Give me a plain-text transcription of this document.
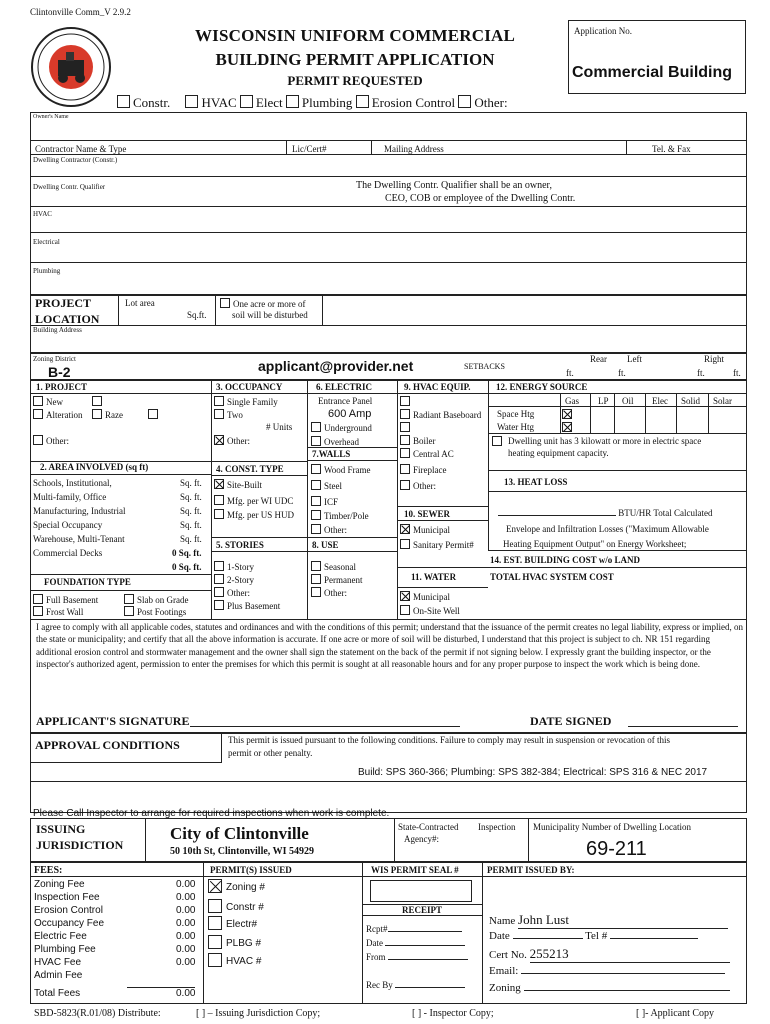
Clintonville Comm_V 2.9.2
WISCONSIN UNIFORM COMMERCIAL
BUILDING PERMIT APPLICATION
PERMIT REQUESTED
Application No.
Commercial Building
Constr. HVAC Elect Plumbing Erosion Control Other:
Owner's Name
Contractor Name & Type	Lic/Cert#	Mailing Address	Tel. & Fax
Dwelling Contractor (Constr.)
Dwelling Contr. Qualifier	The Dwelling Contr. Qualifier shall be an owner,
CEO, COB or employee of the Dwelling Contr.
HVAC
Electrical
Plumbing
PROJECT
LOCATION
Lot area
Sq.ft.
One acre or more of
soil will be disturbed
Building Address
Zoning District
B-2	applicant@provider.net	SETBACKS
Rear Left	Right
ft.	ft.	ft.	ft.
1. PROJECT
New
Alteration	Raze
Other:
2. AREA INVOLVED (sq ft)
Schools, Institutional,	Sq. ft.
Multi-family, Office	Sq. ft.
Manufacturing, Industrial	Sq. ft.
Special Occupancy	Sq. ft.
Warehouse, Multi-Tenant	Sq. ft.
Commercial Decks	0 Sq. ft.
0 Sq. ft.
FOUNDATION TYPE
Full Basement	Slab on Grade
Frost Wall	Post Footings
3. OCCUPANCY
Single Family
Two
# Units
Other:
4. CONST. TYPE
Site-Built
Mfg. per WI UDC
Mfg. per US HUD
5. STORIES
1-Story
2-Story
Other:
Plus Basement
6. ELECTRIC
Entrance Panel
600 Amp
Underground
Overhead
7.WALLS
Wood Frame
Steel
ICF
Timber/Pole
Other:
8. USE
Seasonal
Permanent
Other:
9. HVAC EQUIP.
Radiant Baseboard
Boiler
Central AC
Fireplace
Other:
10. SEWER
Municipal
Sanitary Permit#
11. WATER
Municipal
On-Site Well
12. ENERGY SOURCE
Gas LP Oil Elec Solid Solar
Space Htg
Water Htg
Dwelling unit has 3 kilowatt or more in electric space
heating equipment capacity.
13. HEAT LOSS
BTU/HR Total Calculated
Envelope and Infiltration Losses ("Maximum Allowable
Heating Equipment Output" on Energy Worksheet;
14. EST. BUILDING COST w/o LAND
TOTAL HVAC SYSTEM COST
I agree to comply with all applicable codes, statutes and ordinances and with the conditions of this permit; understand that the issuance of the permit creates no legal liability, express or implied, on the state or municipality; and certify that all the above information is accurate. If one acre or more of soil will be disturbed, I understand that this project is subject to ch. NR 151 regarding additional erosion control and stormwater management and the owner shall sign the statement on the back of the permit if not signing below. I expressly grant the building inspector, or the inspector's authorized agent, permission to enter the premises for which this permit is sought at all reasonable hours and for any proper purpose to inspect the work which is being done.
APPLICANT'S SIGNATURE	DATE SIGNED
APPROVAL CONDITIONS	This permit is issued pursuant to the following conditions. Failure to comply may result in suspension or revocation of this
permit or other penalty.
Build: SPS 360-366; Plumbing: SPS 382-384; Electrical: SPS 316 & NEC 2017
Please Call Inspector to arrange for required inspections when work is complete.
ISSUING
JURISDICTION
City of Clintonville
50 10th St, Clintonville, WI 54929
State-Contracted Inspection
Agency#:
Municipality Number of Dwelling Location
69-211
FEES:
Zoning Fee	0.00
Inspection Fee	0.00
Erosion Control	0.00
Occupancy Fee	0.00
Electric Fee	0.00
Plumbing Fee	0.00
HVAC Fee	0.00
Admin Fee
Total Fees	0.00
PERMIT(S) ISSUED
Zoning #
Constr #
Electr#
PLBG #
HVAC #
WIS PERMIT SEAL #
RECEIPT
Rcpt#
Date
From
Rec By
PERMIT ISSUED BY:
Name John Lust
Date	Tel #
Cert No. 255213
Email:
Zoning
SBD-5823(R.01/08) Distribute:	[ ] – Issuing Jurisdiction Copy;	[ ] - Inspector Copy;	[ ]- Applicant Copy
